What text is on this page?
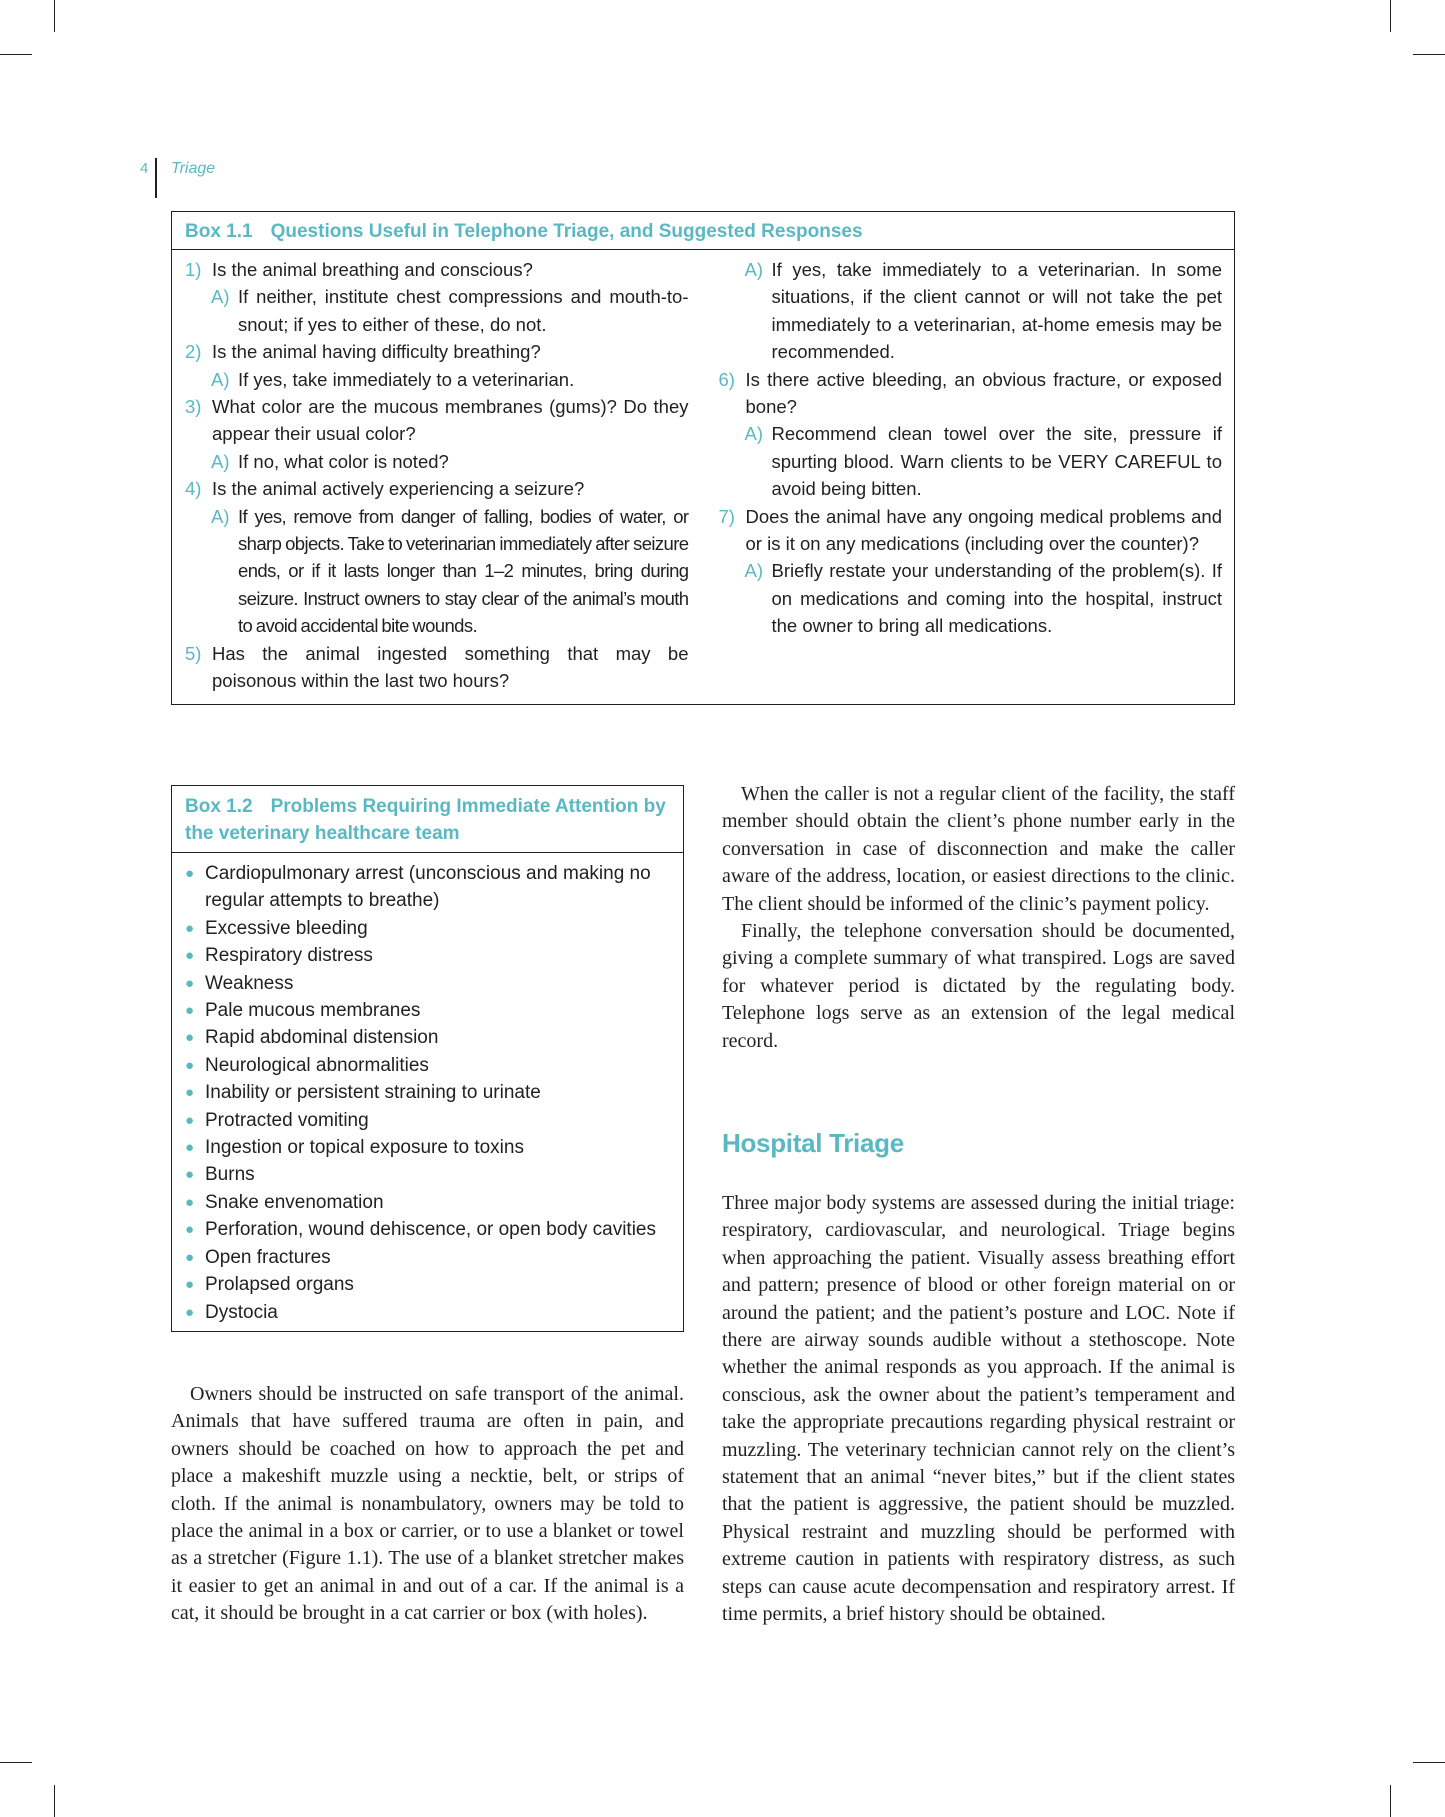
4 Triage
Box 1.1 Questions Useful in Telephone Triage, and Suggested Responses
1) Is the animal breathing and conscious?
A) If neither, institute chest compressions and mouth-to-snout; if yes to either of these, do not.
2) Is the animal having difficulty breathing?
A) If yes, take immediately to a veterinarian.
3) What color are the mucous membranes (gums)? Do they appear their usual color?
A) If no, what color is noted?
4) Is the animal actively experiencing a seizure?
A) If yes, remove from danger of falling, bodies of water, or sharp objects. Take to veterinarian immediately after seizure ends, or if it lasts longer than 1–2 minutes, bring during seizure. Instruct owners to stay clear of the animal’s mouth to avoid accidental bite wounds.
5) Has the animal ingested something that may be poisonous within the last two hours?
A) If yes, take immediately to a veterinarian. In some situations, if the client cannot or will not take the pet immediately to a veterinarian, at-home emesis may be recommended.
6) Is there active bleeding, an obvious fracture, or exposed bone?
A) Recommend clean towel over the site, pressure if spurting blood. Warn clients to be VERY CAREFUL to avoid being bitten.
7) Does the animal have any ongoing medical problems and or is it on any medications (including over the counter)?
A) Briefly restate your understanding of the problem(s). If on medications and coming into the hospital, instruct the owner to bring all medications.
Box 1.2 Problems Requiring Immediate Attention by the veterinary healthcare team
● Cardiopulmonary arrest (unconscious and making no regular attempts to breathe)
● Excessive bleeding
● Respiratory distress
● Weakness
● Pale mucous membranes
● Rapid abdominal distension
● Neurological abnormalities
● Inability or persistent straining to urinate
● Protracted vomiting
● Ingestion or topical exposure to toxins
● Burns
● Snake envenomation
● Perforation, wound dehiscence, or open body cavities
● Open fractures
● Prolapsed organs
● Dystocia

Owners should be instructed on safe transport of the animal. Animals that have suffered trauma are often in pain, and owners should be coached on how to approach the pet and place a makeshift muzzle using a necktie, belt, or strips of cloth. If the animal is nonambulatory, owners may be told to place the animal in a box or carrier, or to use a blanket or towel as a stretcher (Figure 1.1). The use of a blanket stretcher makes it easier to get an animal in and out of a car. If the animal is a cat, it should be brought in a cat carrier or box (with holes).

When the caller is not a regular client of the facility, the staff member should obtain the client’s phone number early in the conversation in case of disconnection and make the caller aware of the address, location, or easiest directions to the clinic. The client should be informed of the clinic’s payment policy.

Finally, the telephone conversation should be documented, giving a complete summary of what transpired. Logs are saved for whatever period is dictated by the regulating body. Telephone logs serve as an extension of the legal medical record.

Hospital Triage

Three major body systems are assessed during the initial triage: respiratory, cardiovascular, and neurological. Triage begins when approaching the patient. Visually assess breathing effort and pattern; presence of blood or other foreign material on or around the patient; and the patient’s posture and LOC. Note if there are airway sounds audible without a stethoscope. Note whether the animal responds as you approach. If the animal is conscious, ask the owner about the patient’s temperament and take the appropriate precautions regarding physical restraint or muzzling. The veterinary technician cannot rely on the client’s statement that an animal “never bites,” but if the client states that the patient is aggressive, the patient should be muzzled. Physical restraint and muzzling should be performed with extreme caution in patients with respiratory distress, as such steps can cause acute decompensation and respiratory arrest. If time permits, a brief history should be obtained.
